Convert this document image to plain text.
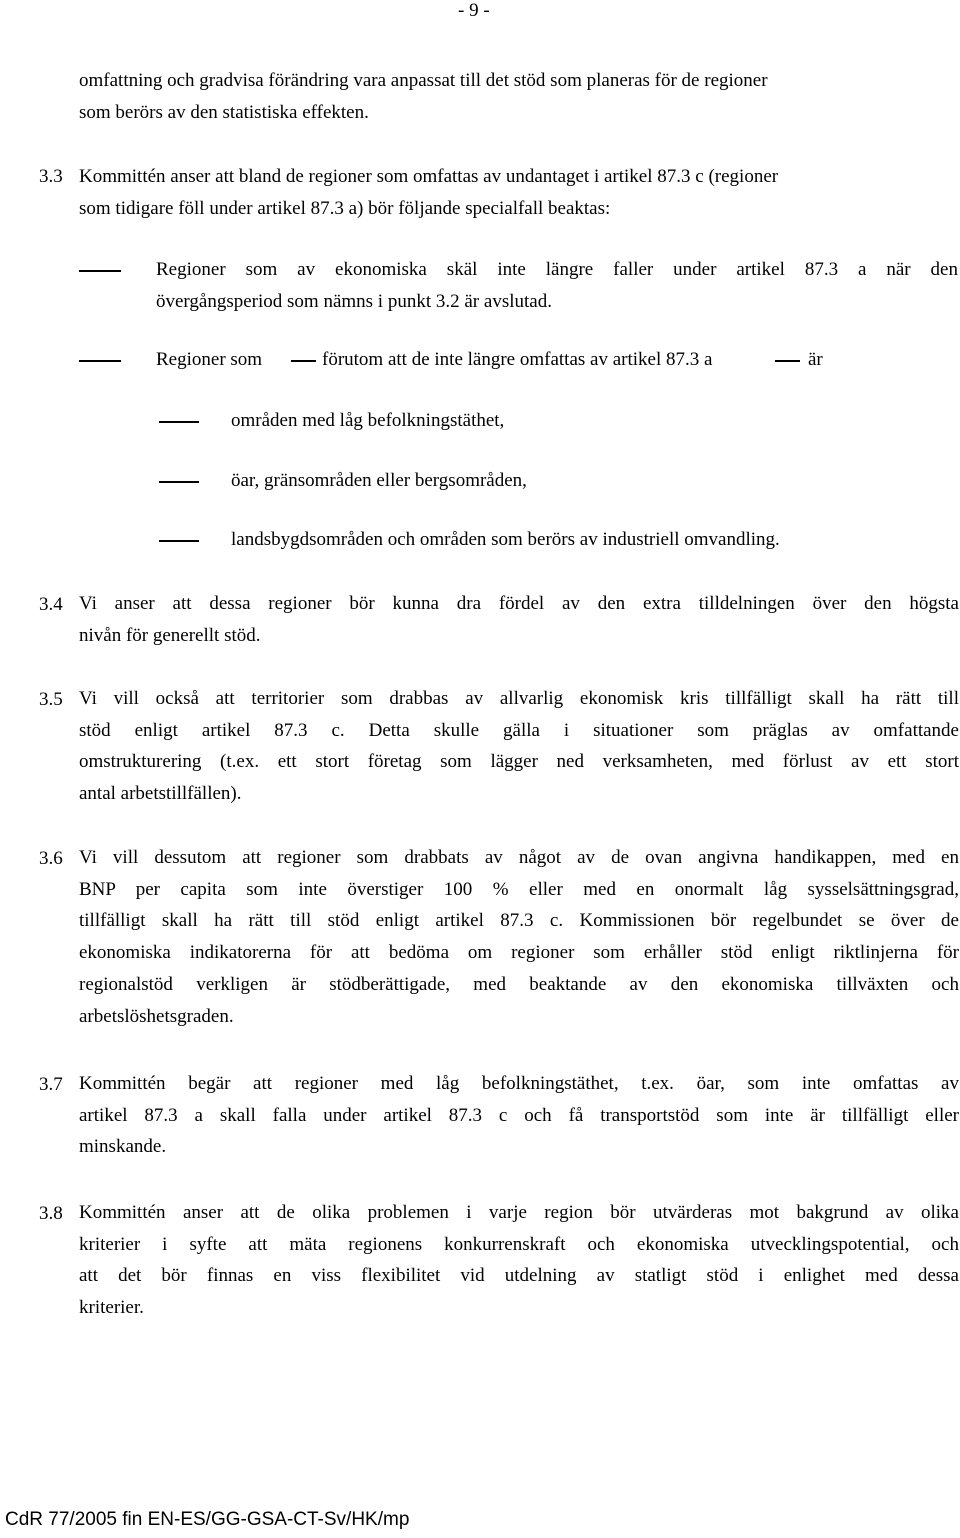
- 9 -
omfattning och gradvisa förändring vara anpassat till det stöd som planeras för de regioner
som berörs av den statistiska effekten.
3.3 Kommittén anser att bland de regioner som omfattas av undantaget i artikel 87.3 c (regioner
som tidigare föll under artikel 87.3 a) bör följande specialfall beaktas:
Regioner som av ekonomiska skäl inte längre faller under artikel 87.3 a när den
övergångsperiod som nämns i punkt 3.2 är avslutad.
Regioner som	förutom att de inte längre omfattas av artikel 87.3 a	är
områden med låg befolkningstäthet,
öar, gränsområden eller bergsområden,
landsbygdsområden och områden som berörs av industriell omvandling.
3.4 Vi anser att dessa regioner bör kunna dra fördel av den extra tilldelningen över den högsta
nivån för generellt stöd.
3.5 Vi vill också att territorier som drabbas av allvarlig ekonomisk kris tillfälligt skall ha rätt till
stöd enligt artikel 87.3 c. Detta skulle gälla i situationer som präglas av omfattande
omstrukturering (t.ex. ett stort företag som lägger ned verksamheten, med förlust av ett stort
antal arbetstillfällen).
3.6 Vi vill dessutom att regioner som drabbats av något av de ovan angivna handikappen, med en
BNP per capita som inte överstiger 100 % eller med en onormalt låg sysselsättningsgrad,
tillfälligt skall ha rätt till stöd enligt artikel 87.3 c. Kommissionen bör regelbundet se över de
ekonomiska indikatorerna för att bedöma om regioner som erhåller stöd enligt riktlinjerna för
regionalstöd verkligen är stödberättigade, med beaktande av den ekonomiska tillväxten och
arbetslöshetsgraden.
3.7 Kommittén begär att regioner med låg befolkningstäthet, t.ex. öar, som inte omfattas av
artikel 87.3 a skall falla under artikel 87.3 c och få transportstöd som inte är tillfälligt eller
minskande.
3.8 Kommittén anser att de olika problemen i varje region bör utvärderas mot bakgrund av olika
kriterier i syfte att mäta regionens konkurrenskraft och ekonomiska utvecklingspotential, och
att det bör finnas en viss flexibilitet vid utdelning av statligt stöd i enlighet med dessa
kriterier.
CdR 77/2005 fin EN-ES/GG-GSA-CT-Sv/HK/mp
